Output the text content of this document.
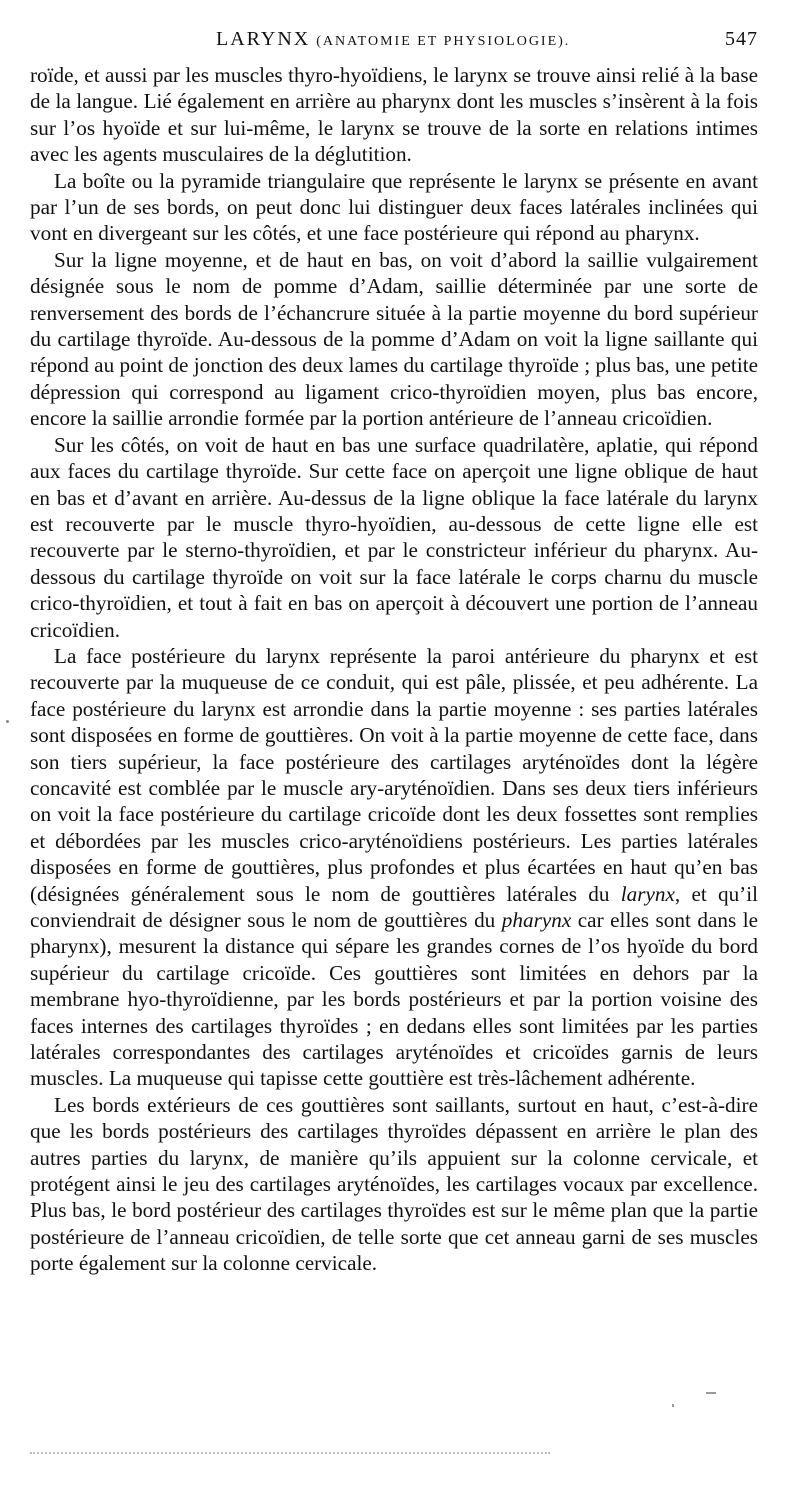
LARYNX (ANATOMIE ET PHYSIOLOGIE).	547

roïde, et aussi par les muscles thyro-hyoïdiens, le larynx se trouve ainsi relié à la base de la langue. Lié également en arrière au pharynx dont les muscles s’insèrent à la fois sur l’os hyoïde et sur lui-même, le larynx se trouve de la sorte en relations intimes avec les agents musculaires de la déglutition.

La boîte ou la pyramide triangulaire que représente le larynx se présente en avant par l’un de ses bords, on peut donc lui distinguer deux faces latérales inclinées qui vont en divergeant sur les côtés, et une face postérieure qui répond au pharynx.

Sur la ligne moyenne, et de haut en bas, on voit d’abord la saillie vulgairement désignée sous le nom de pomme d’Adam, saillie déterminée par une sorte de renversement des bords de l’échancrure située à la partie moyenne du bord supérieur du cartilage thyroïde. Au-dessous de la pomme d’Adam on voit la ligne saillante qui répond au point de jonction des deux lames du cartilage thyroïde ; plus bas, une petite dépression qui correspond au ligament crico-thyroïdien moyen, plus bas encore, encore la saillie arrondie formée par la portion antérieure de l’anneau cricoïdien.

Sur les côtés, on voit de haut en bas une surface quadrilatère, aplatie, qui répond aux faces du cartilage thyroïde. Sur cette face on aperçoit une ligne oblique de haut en bas et d’avant en arrière. Au-dessus de la ligne oblique la face latérale du larynx est recouverte par le muscle thyro-hyoïdien, au-dessous de cette ligne elle est recouverte par le sterno-thyroïdien, et par le constricteur inférieur du pharynx. Au-dessous du cartilage thyroïde on voit sur la face latérale le corps charnu du muscle crico-thyroïdien, et tout à fait en bas on aperçoit à découvert une portion de l’anneau cricoïdien.

La face postérieure du larynx représente la paroi antérieure du pharynx et est recouverte par la muqueuse de ce conduit, qui est pâle, plissée, et peu adhérente. La face postérieure du larynx est arrondie dans la partie moyenne : ses parties latérales sont disposées en forme de gouttières. On voit à la partie moyenne de cette face, dans son tiers supérieur, la face postérieure des cartilages aryténoïdes dont la légère concavité est comblée par le muscle ary-aryténoïdien. Dans ses deux tiers inférieurs on voit la face postérieure du cartilage cricoïde dont les deux fossettes sont remplies et débordées par les muscles crico-aryténoïdiens postérieurs. Les parties latérales disposées en forme de gouttières, plus profondes et plus écartées en haut qu’en bas (désignées généralement sous le nom de gouttières latérales du larynx, et qu’il conviendrait de désigner sous le nom de gouttières du pharynx car elles sont dans le pharynx), mesurent la distance qui sépare les grandes cornes de l’os hyoïde du bord supérieur du cartilage cricoïde. Ces gouttières sont limitées en dehors par la membrane hyo-thyroïdienne, par les bords postérieurs et par la portion voisine des faces internes des cartilages thyroïdes ; en dedans elles sont limitées par les parties latérales correspondantes des cartilages aryténoïdes et cricoïdes garnis de leurs muscles. La muqueuse qui tapisse cette gouttière est très-lâchement adhérente.

Les bords extérieurs de ces gouttières sont saillants, surtout en haut, c’est-à-dire que les bords postérieurs des cartilages thyroïdes dépassent en arrière le plan des autres parties du larynx, de manière qu’ils appuient sur la colonne cervicale, et protégent ainsi le jeu des cartilages aryténoïdes, les cartilages vocaux par excellence. Plus bas, le bord postérieur des cartilages thyroïdes est sur le même plan que la partie postérieure de l’anneau cricoïdien, de telle sorte que cet anneau garni de ses muscles porte également sur la colonne cervicale.
